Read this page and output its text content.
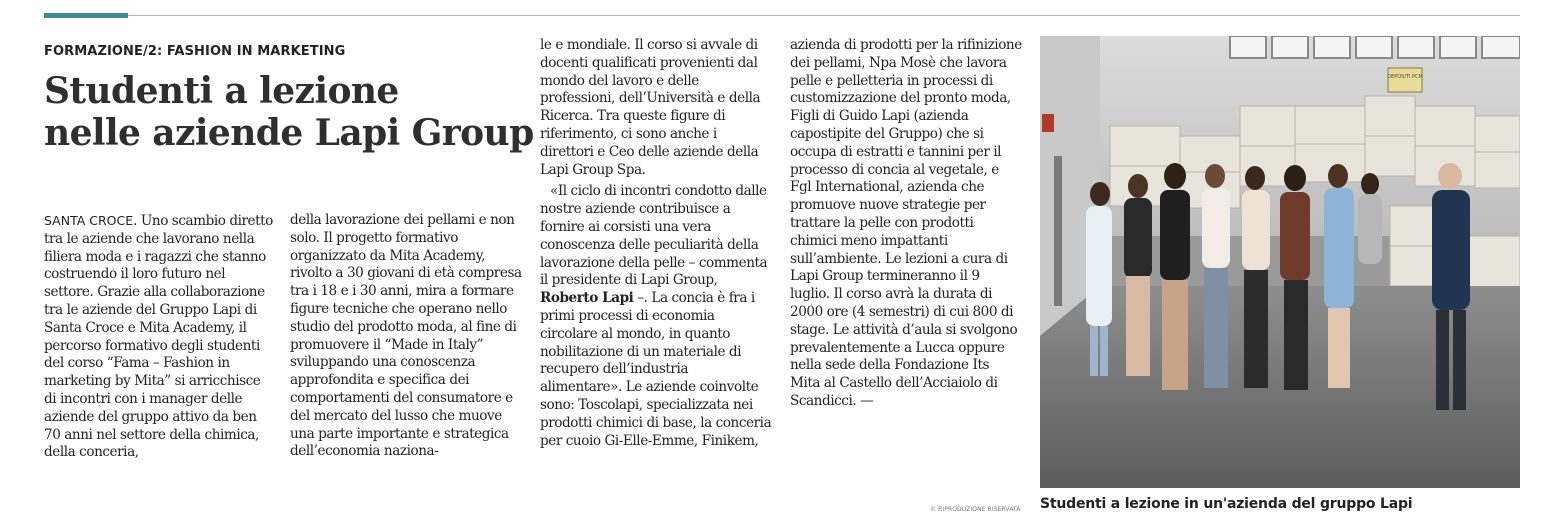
FORMAZIONE/2: FASHION IN MARKETING
Studenti a lezione
nelle aziende Lapi Group

SANTA CROCE. Uno scambio diretto tra le aziende che lavorano nella filiera moda e i ragazzi che stanno costruendo il loro futuro nel settore. Grazie alla collaborazione tra le aziende del Gruppo Lapi di Santa Croce e Mita Academy, il percorso formativo degli studenti del corso “Fama – Fashion in marketing by Mita” si arricchisce di incontri con i manager delle aziende del gruppo attivo da ben 70 anni nel settore della chimica, della conceria,

della lavorazione dei pellami e non solo. Il progetto formativo organizzato da Mita Academy, rivolto a 30 giovani di età compresa tra i 18 e i 30 anni, mira a formare figure tecniche che operano nello studio del prodotto moda, al fine di promuovere il “Made in Italy” sviluppando una conoscenza approfondita e specifica dei comportamenti del consumatore e del mercato del lusso che muove una parte importante e strategica dell’economia naziona-

le e mondiale. Il corso si avvale di docenti qualificati provenienti dal mondo del lavoro e delle professioni, dell’Università e della Ricerca. Tra queste figure di riferimento, ci sono anche i direttori e Ceo delle aziende della Lapi Group Spa.

«Il ciclo di incontri condotto dalle nostre aziende contribuisce a fornire ai corsisti una vera conoscenza delle peculiarità della lavorazione della pelle – commenta il presidente di Lapi Group, Roberto Lapi –. La concia è fra i primi processi di economia circolare al mondo, in quanto nobilitazione di un materiale di recupero dell’industria alimentare». Le aziende coinvolte sono: Toscolapi, specializzata nei prodotti chimici di base, la conceria per cuoio Gi-Elle-Emme, Finikem,

azienda di prodotti per la rifinizione dei pellami, Npa Mosè che lavora pelle e pelletteria in processi di customizzazione del pronto moda, Figli di Guido Lapi (azienda capostipite del Gruppo) che si occupa di estratti e tannini per il processo di concia al vegetale, e Fgl International, azienda che promuove nuove strategie per trattare la pelle con prodotti chimici meno impattanti sull’ambiente. Le lezioni a cura di Lapi Group termineranno il 9 luglio. Il corso avrà la durata di 2000 ore (4 semestri) di cui 800 di stage. Le attività d’aula si svolgono prevalentemente a Lucca oppure nella sede della Fondazione Its Mita al Castello dell’Acciaiolo di Scandicci. —

© RIPRODUZIONE RISERVATA
DEPOSITI PCM
Studenti a lezione in un'azienda del gruppo Lapi
